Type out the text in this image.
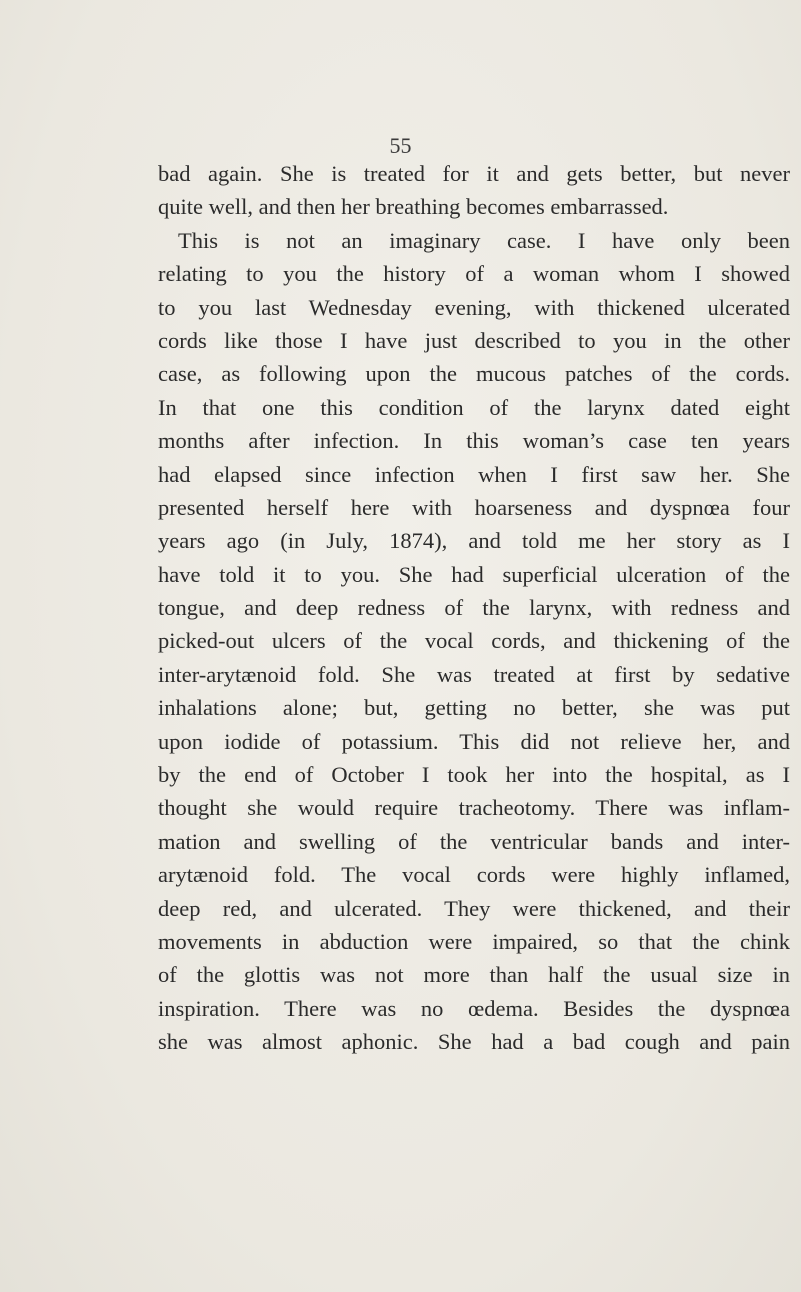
55
bad again. She is treated for it and gets better, but never
quite well, and then her breathing becomes embarrassed.
This is not an imaginary case. I have only been
relating to you the history of a woman whom I showed
to you last Wednesday evening, with thickened ulcerated
cords like those I have just described to you in the other
case, as following upon the mucous patches of the cords.
In that one this condition of the larynx dated eight
months after infection. In this woman’s case ten years
had elapsed since infection when I first saw her. She
presented herself here with hoarseness and dyspnœa four
years ago (in July, 1874), and told me her story as I
have told it to you. She had superficial ulceration of the
tongue, and deep redness of the larynx, with redness and
picked-out ulcers of the vocal cords, and thickening of the
inter-arytænoid fold. She was treated at first by sedative
inhalations alone; but, getting no better, she was put
upon iodide of potassium. This did not relieve her, and
by the end of October I took her into the hospital, as I
thought she would require tracheotomy. There was inflam-
mation and swelling of the ventricular bands and inter-
arytænoid fold. The vocal cords were highly inflamed,
deep red, and ulcerated. They were thickened, and their
movements in abduction were impaired, so that the chink
of the glottis was not more than half the usual size in
inspiration. There was no œdema. Besides the dyspnœa
she was almost aphonic. She had a bad cough and pain
